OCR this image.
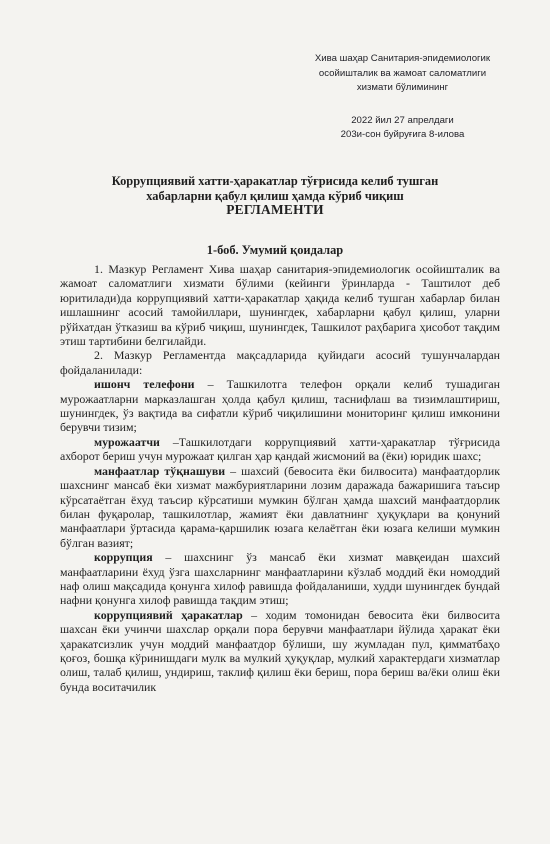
Хива шаҳар Санитария-эпидемиологик
осойишталик ва жамоат саломатлиги
хизмати бўлимининг
2022 йил 27 апрелдаги
203и-сон буйруғига 8-илова
Коррупциявий хатти-ҳаракатлар тўғрисида келиб тушган
хабарларни қабул қилиш ҳамда кўриб чиқиш
РЕГЛАМЕНТИ
1-боб. Умумий қоидалар

1. Мазкур Регламент Хива шаҳар санитария-эпидемиологик осойишталик ва жамоат саломатлиги хизмати бўлими (кейинги ўринларда - Таштилот деб юритилади)да коррупциявий хатти-ҳаракатлар ҳақида келиб тушган хабарлар билан ишлашнинг асосий тамойиллари, шунингдек, хабарларни қабул қилиш, уларни рўйхатдан ўтказиш ва кўриб чиқиш, шунингдек, Ташкилот раҳбарига ҳисобот тақдим этиш тартибини белгилайди.

2. Мазкур Регламентда мақсадларида қуйидаги асосий тушунчалардан фойдаланилади:

ишонч телефони – Ташкилотга телефон орқали келиб тушадиган мурожаатларни марказлашган ҳолда қабул қилиш, таснифлаш ва тизимлаштириш, шунингдек, ўз вақтида ва сифатли кўриб чиқилишини мониторинг қилиш имконини берувчи тизим;

мурожаатчи –Ташкилотдаги коррупциявий хатти-ҳаракатлар тўғрисида ахборот бериш учун мурожаат қилган ҳар қандай жисмоний ва (ёки) юридик шахс;

манфаатлар тўқнашуви – шахсий (бевосита ёки билвосита) манфаатдорлик шахснинг мансаб ёки хизмат мажбуриятларини лозим даражада бажаришига таъсир кўрсатаётган ёхуд таъсир кўрсатиши мумкин бўлган ҳамда шахсий манфаатдорлик билан фуқаролар, ташкилотлар, жамият ёки давлатнинг ҳуқуқлари ва қонуний манфаатлари ўртасида қарама-қаршилик юзага келаётган ёки юзага келиши мумкин бўлган вазият;

коррупция – шахснинг ўз мансаб ёки хизмат мавқеидан шахсий манфаатларини ёхуд ўзга шахсларнинг манфаатларини кўзлаб моддий ёки номоддий наф олиш мақсадида қонунга хилоф равишда фойдаланиши, худди шунингдек бундай нафни қонунга хилоф равишда тақдим этиш;

коррупциявий ҳаракатлар – ходим томонидан бевосита ёки билвосита шахсан ёки учинчи шахслар орқали пора берувчи манфаатлари йўлида ҳаракат ёки ҳаракатсизлик учун моддий манфаатдор бўлиши, шу жумладан пул, қимматбаҳо қоғоз, бошқа кўринишдаги мулк ва мулкий ҳуқуқлар, мулкий характердаги хизматлар олиш, талаб қилиш, ундириш, таклиф қилиш ёки бериш, пора бериш ва/ёки олиш ёки бунда воситачилик
